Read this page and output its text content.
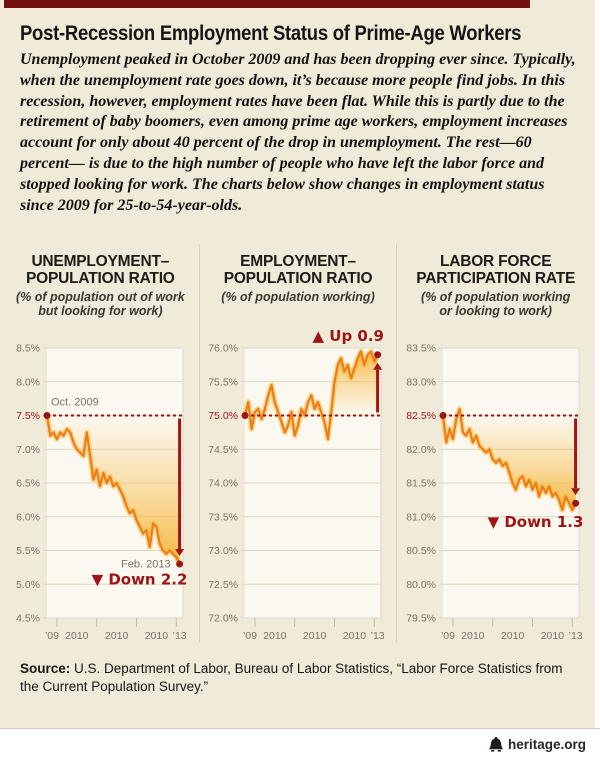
Post-Recession Employment Status of Prime-Age Workers

Unemployment peaked in October 2009 and has been dropping ever since. Typically, when the unemployment rate goes down, it’s because more people find jobs. In this recession, however, employment rates have been flat. While this is partly due to the retirement of baby boomers, even among prime age workers, employment increases account for only about 40 percent of the drop in unemployment. The rest—60 percent— is due to the high number of people who have left the labor force and stopped looking for work. The charts below show changes in employment status since 2009 for 25-to-54-year-olds.

UNEMPLOYMENT–
POPULATION RATIO
(% of population out of work
but looking for work)
8.5%
8.0%
7.5%
7.0%
6.5%
6.0%
5.5%
5.0%
4.5%
’09 2010 2010 2010 ’13
Oct. 2009
Feb. 2013
▼ Down 2.2
EMPLOYMENT–
POPULATION RATIO
(% of population working)
76.0%
75.5%
75.0%
74.5%
74.0%
73.5%
73.0%
72.5%
72.0%
’09 2010 2010 2010 ’13
▲ Up 0.9
LABOR FORCE
PARTICIPATION RATE
(% of population working
or looking to work)
83.5%
83.0%
82.5%
82.0%
81.5%
81.0%
80.5%
80.0%
79.5%
’09 2010 2010 2010 ’13
▼ Down 1.3
Source: U.S. Department of Labor, Bureau of Labor Statistics, “Labor Force Statistics from the Current Population Survey.”
heritage.org
